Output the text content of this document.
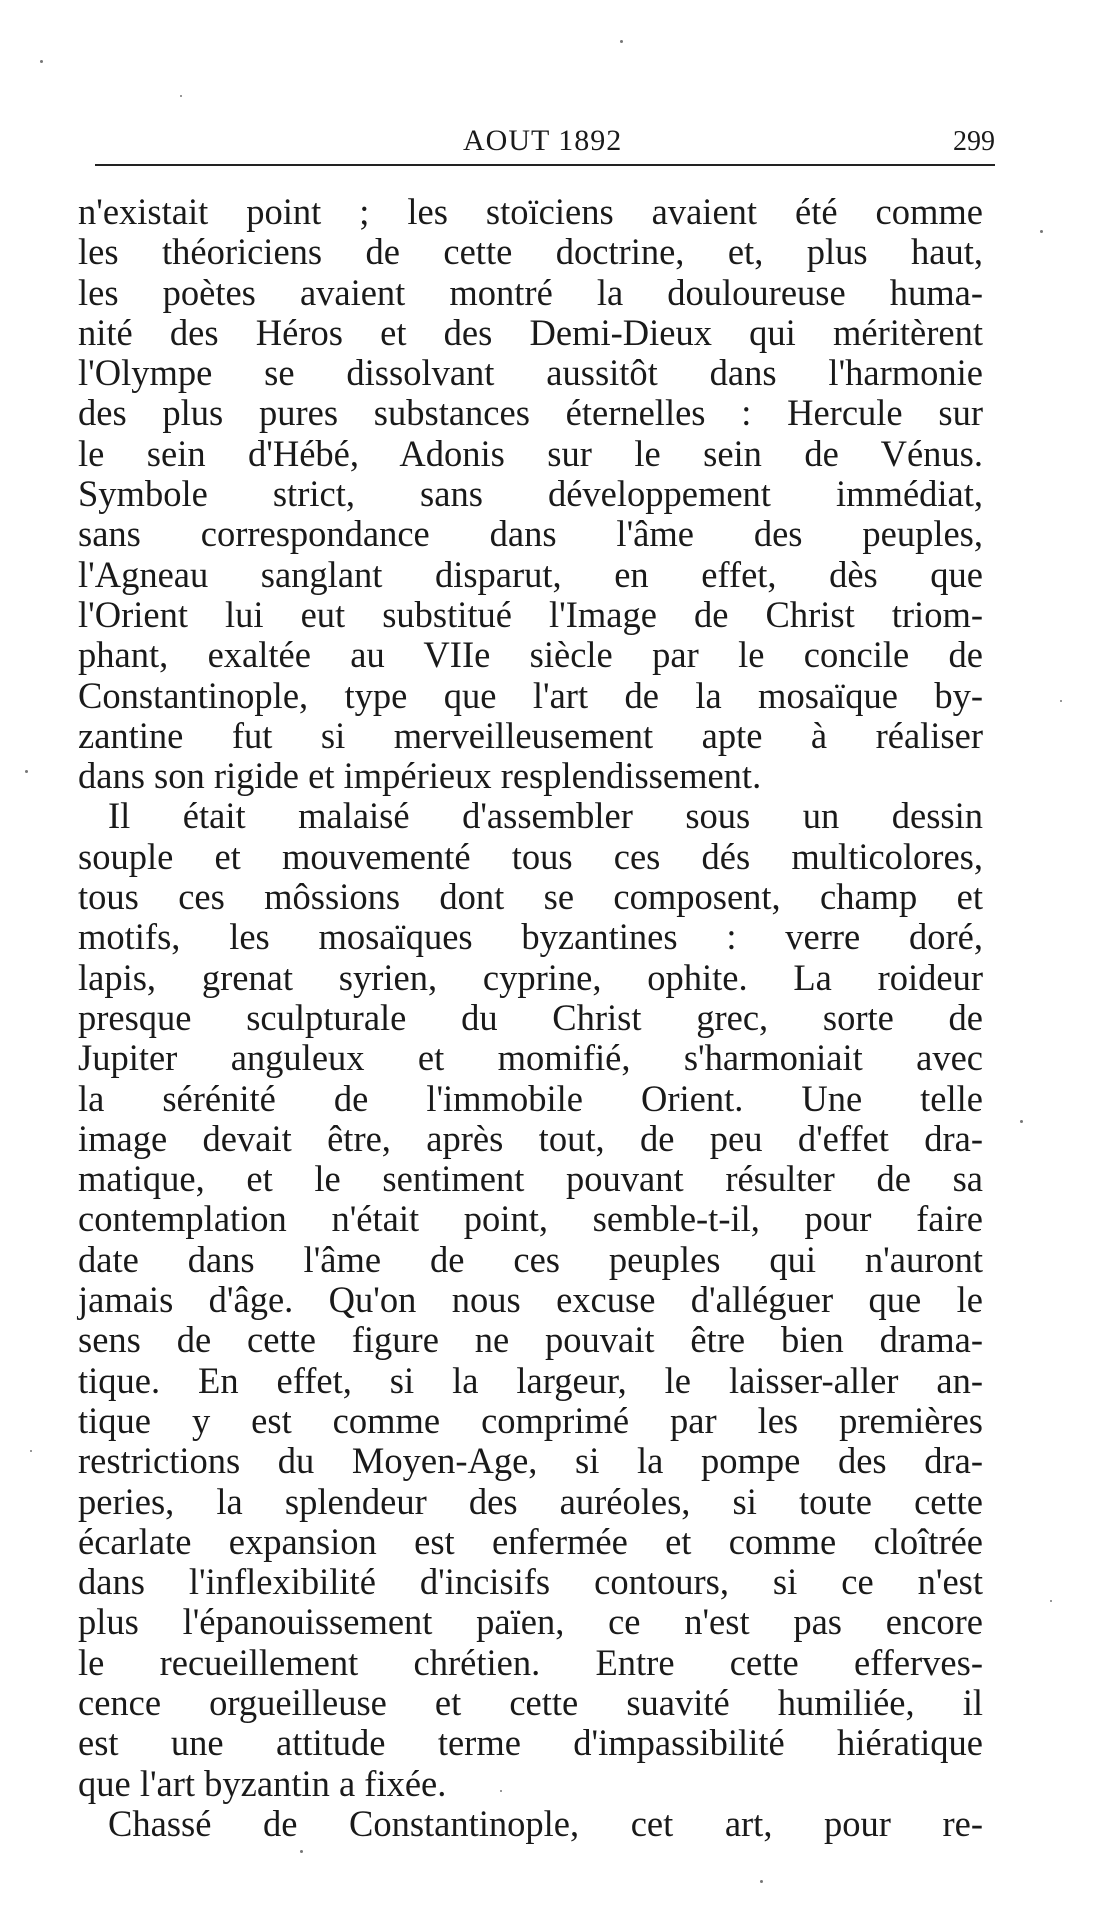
AOUT 1892	299
n'existait point ; les stoïciens avaient été comme
les théoriciens de cette doctrine, et, plus haut,
les poètes avaient montré la douloureuse huma-
nité des Héros et des Demi-Dieux qui méritèrent
l'Olympe se dissolvant aussitôt dans l'harmonie
des plus pures substances éternelles : Hercule sur
le sein d'Hébé, Adonis sur le sein de Vénus.
Symbole strict, sans développement immédiat,
sans correspondance dans l'âme des peuples,
l'Agneau sanglant disparut, en effet, dès que
l'Orient lui eut substitué l'Image de Christ triom-
phant, exaltée au VIIe siècle par le concile de
Constantinople, type que l'art de la mosaïque by-
zantine fut si merveilleusement apte à réaliser
dans son rigide et impérieux resplendissement.
Il était malaisé d'assembler sous un dessin
souple et mouvementé tous ces dés multicolores,
tous ces môssions dont se composent, champ et
motifs, les mosaïques byzantines : verre doré,
lapis, grenat syrien, cyprine, ophite. La roideur
presque sculpturale du Christ grec, sorte de
Jupiter anguleux et momifié, s'harmoniait avec
la sérénité de l'immobile Orient. Une telle
image devait être, après tout, de peu d'effet dra-
matique, et le sentiment pouvant résulter de sa
contemplation n'était point, semble-t-il, pour faire
date dans l'âme de ces peuples qui n'auront
jamais d'âge. Qu'on nous excuse d'alléguer que le
sens de cette figure ne pouvait être bien drama-
tique. En effet, si la largeur, le laisser-aller an-
tique y est comme comprimé par les premières
restrictions du Moyen-Age, si la pompe des dra-
peries, la splendeur des auréoles, si toute cette
écarlate expansion est enfermée et comme cloîtrée
dans l'inflexibilité d'incisifs contours, si ce n'est
plus l'épanouissement païen, ce n'est pas encore
le recueillement chrétien. Entre cette efferves-
cence orgueilleuse et cette suavité humiliée, il
est une attitude terme d'impassibilité hiératique
que l'art byzantin a fixée.
Chassé de Constantinople, cet art, pour re-
